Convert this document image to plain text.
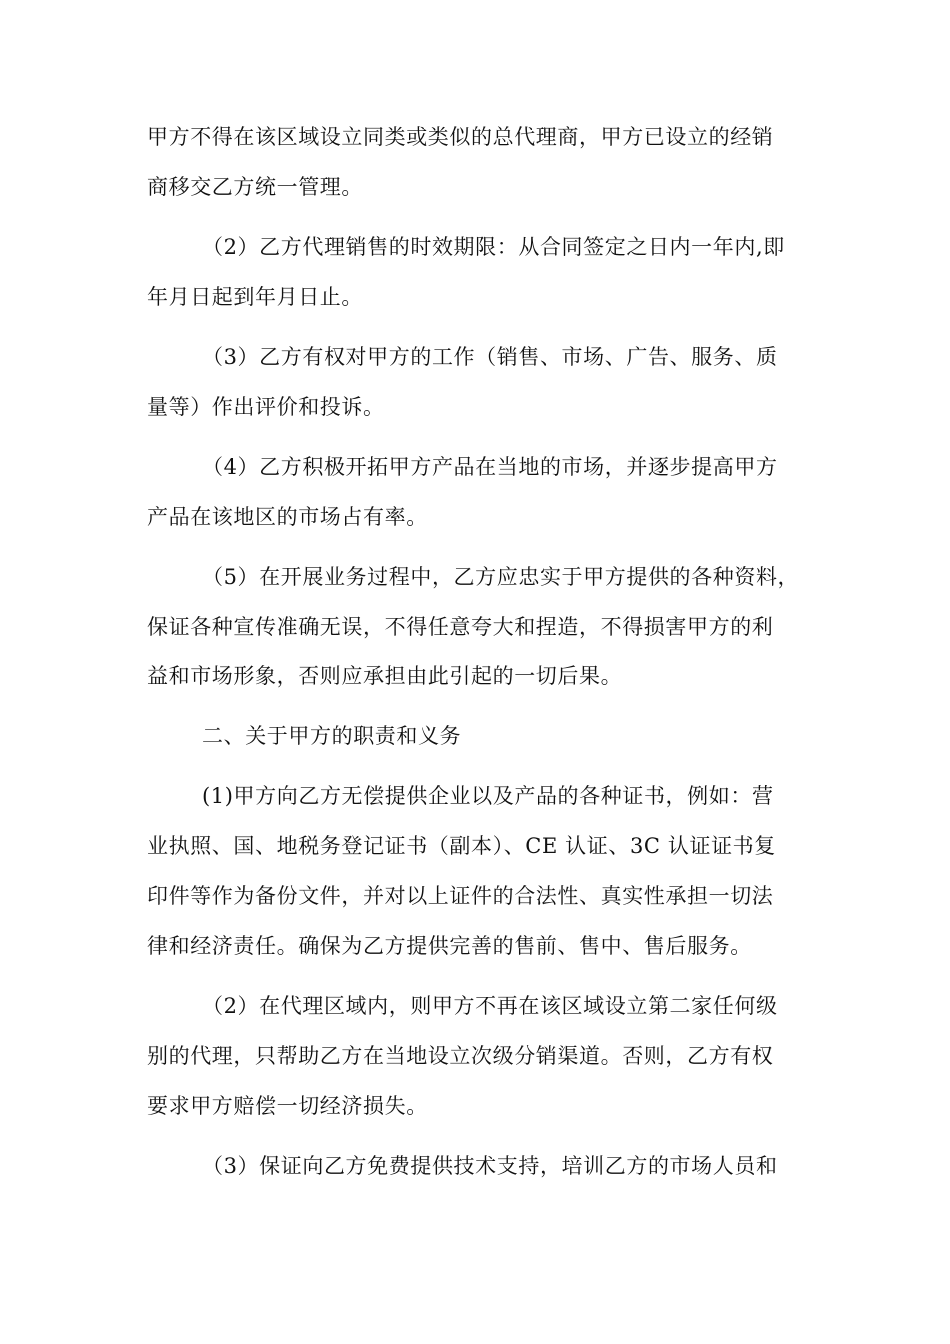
甲方不得在该区域设立同类或类似的总代理商，甲方已设立的经销
商移交乙方统一管理。
（2）乙方代理销售的时效期限：从合同签定之日内一年内,即
年月日起到年月日止。
（3）乙方有权对甲方的工作（销售、市场、广告、服务、质
量等）作出评价和投诉。
（4）乙方积极开拓甲方产品在当地的市场，并逐步提高甲方
产品在该地区的市场占有率。
（5）在开展业务过程中，乙方应忠实于甲方提供的各种资料，
保证各种宣传准确无误，不得任意夸大和捏造，不得损害甲方的利
益和市场形象，否则应承担由此引起的一切后果。
二、关于甲方的职责和义务
(1)甲方向乙方无偿提供企业以及产品的各种证书，例如：营
业执照、国、地税务登记证书（副本）、CE 认证、3C 认证证书复
印件等作为备份文件，并对以上证件的合法性、真实性承担一切法
律和经济责任。确保为乙方提供完善的售前、售中、售后服务。
（2）在代理区域内，则甲方不再在该区域设立第二家任何级
别的代理，只帮助乙方在当地设立次级分销渠道。否则，乙方有权
要求甲方赔偿一切经济损失。
（3）保证向乙方免费提供技术支持，培训乙方的市场人员和
